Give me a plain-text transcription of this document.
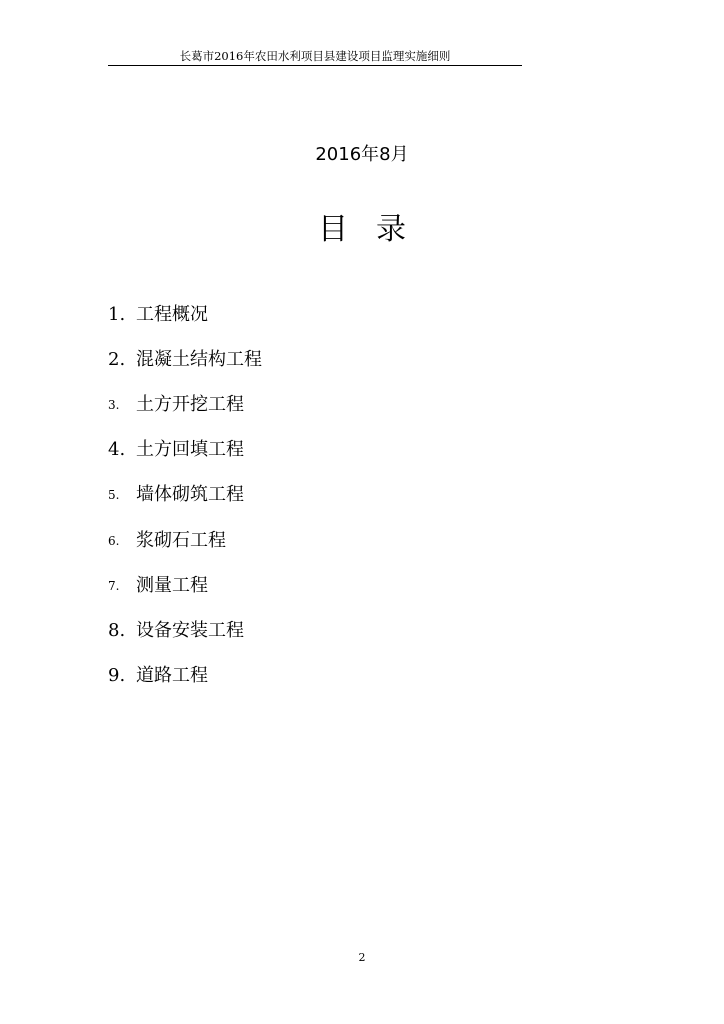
长葛市2016年农田水利项目县建设项目监理实施细则
2016年8月
目录
1. 工程概况
2. 混凝土结构工程
3. 土方开挖工程
4. 土方回填工程
5. 墙体砌筑工程
6. 浆砌石工程
7. 测量工程
8. 设备安装工程
9. 道路工程
2
